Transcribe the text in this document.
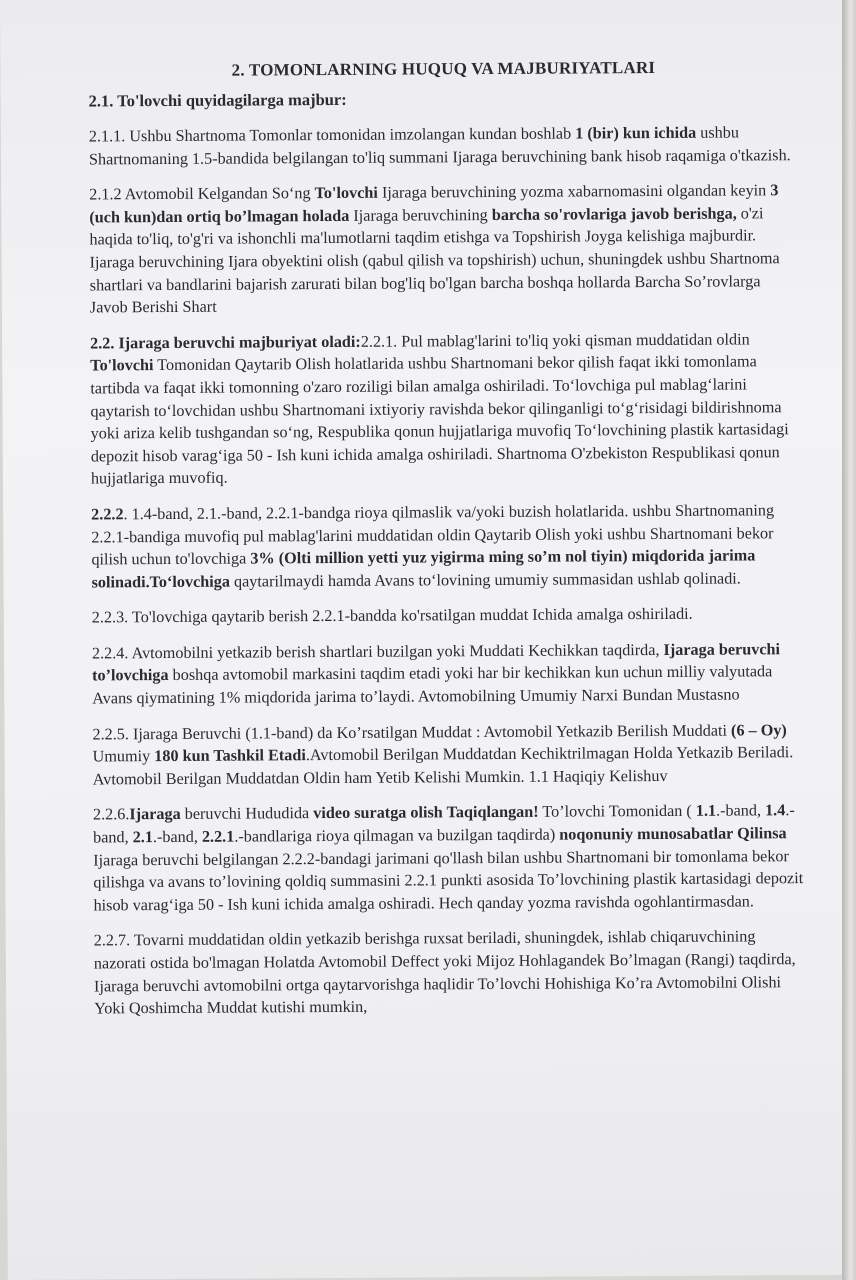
2. TOMONLARNING HUQUQ VA MAJBURIYATLARI
2.1. To'lovchi quyidagilarga majbur:

2.1.1. Ushbu Shartnoma Tomonlar tomonidan imzolangan kundan boshlab 1 (bir) kun ichida ushbu Shartnomaning 1.5-bandida belgilangan to'liq summani Ijaraga beruvchining bank hisob raqamiga o'tkazish.

2.1.2 Avtomobil Kelgandan Soʻng To'lovchi Ijaraga beruvchining yozma xabarnomasini olgandan keyin 3 (uch kun)dan ortiq bo’lmagan holada Ijaraga beruvchining barcha so'rovlariga javob berishga, o'zi haqida to'liq, to'g'ri va ishonchli ma'lumotlarni taqdim etishga va Topshirish Joyga kelishiga majburdir. Ijaraga beruvchining Ijara obyektini olish (qabul qilish va topshirish) uchun, shuningdek ushbu Shartnoma shartlari va bandlarini bajarish zarurati bilan bog'liq bo'lgan barcha boshqa hollarda Barcha So’rovlarga Javob Berishi Shart

2.2. Ijaraga beruvchi majburiyat oladi:2.2.1. Pul mablag'larini to'liq yoki qisman muddatidan oldin To'lovchi Tomonidan Qaytarib Olish holatlarida ushbu Shartnomani bekor qilish faqat ikki tomonlama tartibda va faqat ikki tomonning o'zaro roziligi bilan amalga oshiriladi. To‘lovchiga pul mablag‘larini qaytarish to‘lovchidan ushbu Shartnomani ixtiyoriy ravishda bekor qilinganligi to‘g‘risidagi bildirishnoma yoki ariza kelib tushgandan so‘ng, Respublika qonun hujjatlariga muvofiq To‘lovchining plastik kartasidagi depozit hisob varag‘iga 50 - Ish kuni ichida amalga oshiriladi. Shartnoma O'zbekiston Respublikasi qonun hujjatlariga muvofiq.

2.2.2. 1.4-band, 2.1.-band, 2.2.1-bandga rioya qilmaslik va/yoki buzish holatlarida. ushbu Shartnomaning 2.2.1-bandiga muvofiq pul mablag'larini muddatidan oldin Qaytarib Olish yoki ushbu Shartnomani bekor qilish uchun to'lovchiga 3% (Olti million yetti yuz yigirma ming so’m nol tiyin) miqdorida jarima solinadi.To‘lovchiga qaytarilmaydi hamda Avans to‘lovining umumiy summasidan ushlab qolinadi.

2.2.3. To'lovchiga qaytarib berish 2.2.1-bandda ko'rsatilgan muddat Ichida amalga oshiriladi.

2.2.4. Avtomobilni yetkazib berish shartlari buzilgan yoki Muddati Kechikkan taqdirda, Ijaraga beruvchi to’lovchiga boshqa avtomobil markasini taqdim etadi yoki har bir kechikkan kun uchun milliy valyutada Avans qiymatining 1% miqdorida jarima to’laydi. Avtomobilning Umumiy Narxi Bundan Mustasno

2.2.5. Ijaraga Beruvchi (1.1-band) da Ko’rsatilgan Muddat : Avtomobil Yetkazib Berilish Muddati (6 – Oy) Umumiy 180 kun Tashkil Etadi.Avtomobil Berilgan Muddatdan Kechiktrilmagan Holda Yetkazib Beriladi. Avtomobil Berilgan Muddatdan Oldin ham Yetib Kelishi Mumkin. 1.1 Haqiqiy Kelishuv

2.2.6.Ijaraga beruvchi Hududida video suratga olish Taqiqlangan! To’lovchi Tomonidan ( 1.1.-band, 1.4.-band, 2.1.-band, 2.2.1.-bandlariga rioya qilmagan va buzilgan taqdirda) noqonuniy munosabatlar Qilinsa Ijaraga beruvchi belgilangan 2.2.2-bandagi jarimani qo'llash bilan ushbu Shartnomani bir tomonlama bekor qilishga va avans to’lovining qoldiq summasini 2.2.1 punkti asosida To’lovchining plastik kartasidagi depozit hisob varag‘iga 50 - Ish kuni ichida amalga oshiradi. Hech qanday yozma ravishda ogohlantirmasdan.

2.2.7. Tovarni muddatidan oldin yetkazib berishga ruxsat beriladi, shuningdek, ishlab chiqaruvchining nazorati ostida bo'lmagan Holatda Avtomobil Deffect yoki Mijoz Hohlagandek Bo’lmagan (Rangi) taqdirda, Ijaraga beruvchi avtomobilni ortga qaytarvorishga haqlidir To’lovchi Hohishiga Ko’ra Avtomobilni Olishi Yoki Qoshimcha Muddat kutishi mumkin,
